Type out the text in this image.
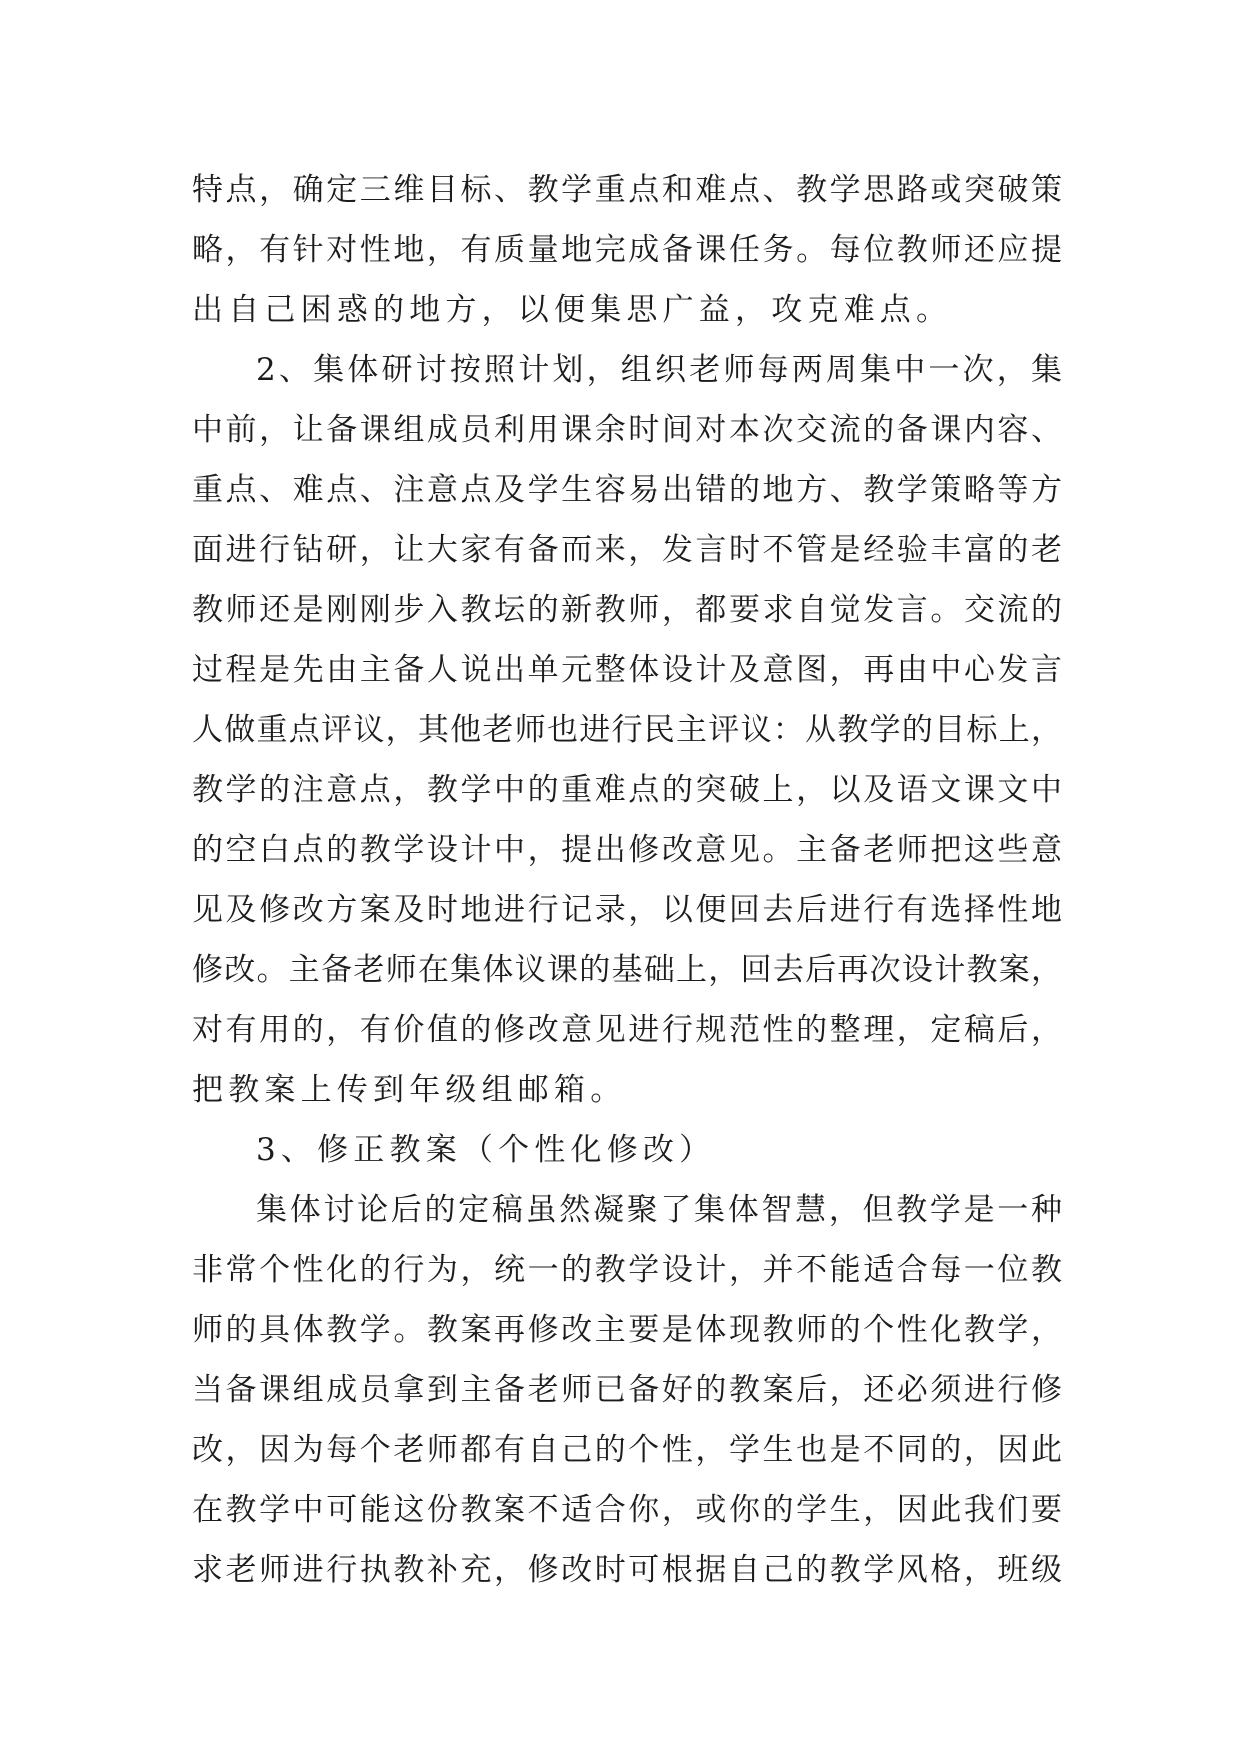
特点，确定三维目标、教学重点和难点、教学思路或突破策
略，有针对性地，有质量地完成备课任务。每位教师还应提
出自己困惑的地方，以便集思广益，攻克难点。
2、集体研讨按照计划，组织老师每两周集中一次，集
中前，让备课组成员利用课余时间对本次交流的备课内容、
重点、难点、注意点及学生容易出错的地方、教学策略等方
面进行钻研，让大家有备而来，发言时不管是经验丰富的老
教师还是刚刚步入教坛的新教师，都要求自觉发言。交流的
过程是先由主备人说出单元整体设计及意图，再由中心发言
人做重点评议，其他老师也进行民主评议：从教学的目标上，
教学的注意点，教学中的重难点的突破上，以及语文课文中
的空白点的教学设计中，提出修改意见。主备老师把这些意
见及修改方案及时地进行记录，以便回去后进行有选择性地
修改。主备老师在集体议课的基础上，回去后再次设计教案，
对有用的，有价值的修改意见进行规范性的整理，定稿后，
把教案上传到年级组邮箱。
3、修正教案（个性化修改）
集体讨论后的定稿虽然凝聚了集体智慧，但教学是一种
非常个性化的行为，统一的教学设计，并不能适合每一位教
师的具体教学。教案再修改主要是体现教师的个性化教学，
当备课组成员拿到主备老师已备好的教案后，还必须进行修
改，因为每个老师都有自己的个性，学生也是不同的，因此
在教学中可能这份教案不适合你，或你的学生，因此我们要
求老师进行执教补充，修改时可根据自己的教学风格，班级
